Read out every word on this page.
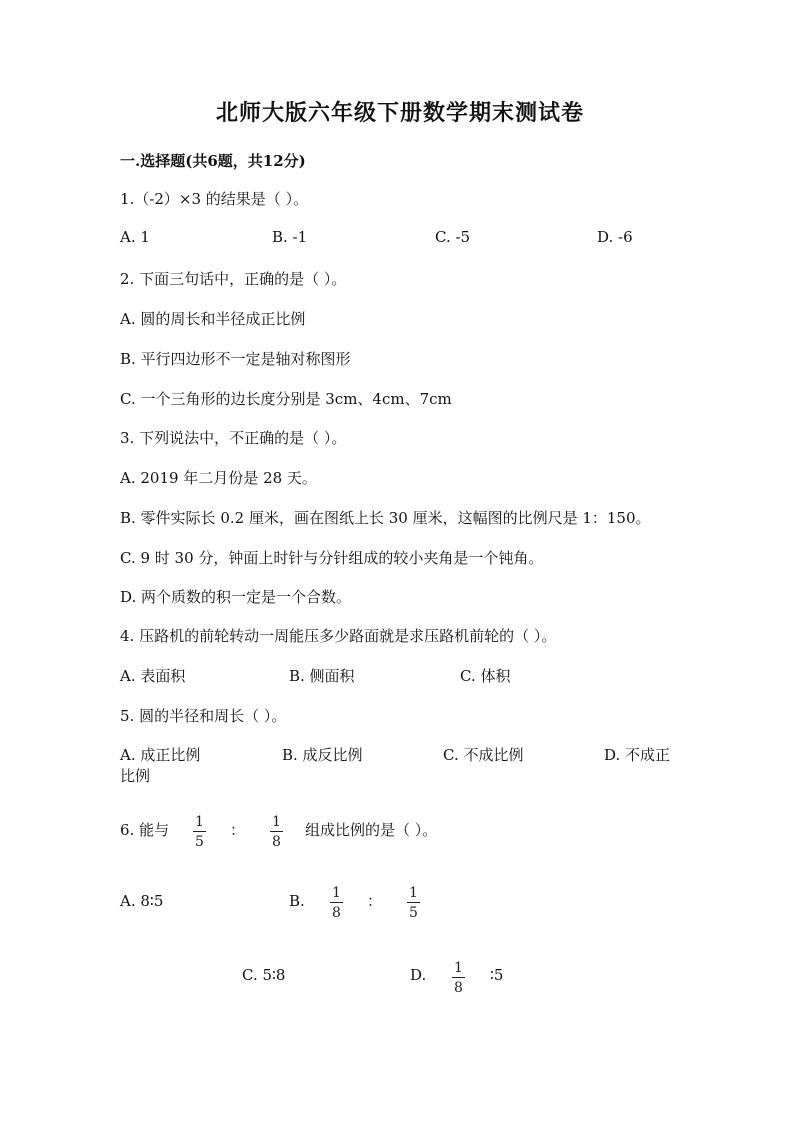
北师大版六年级下册数学期末测试卷
一.选择题(共6题，共12分)
1.（-2）×3 的结果是（ ）。
A. 1	B. -1	C. -5	D. -6
2. 下面三句话中，正确的是（ ）。
A. 圆的周长和半径成正比例
B. 平行四边形不一定是轴对称图形
C. 一个三角形的边长度分别是 3cm、4cm、7cm
3. 下列说法中，不正确的是（ ）。
A. 2019 年二月份是 28 天。
B. 零件实际长 0.2 厘米，画在图纸上长 30 厘米，这幅图的比例尺是 1：150。
C. 9 时 30 分，钟面上时针与分针组成的较小夹角是一个钝角。
D. 两个质数的积一定是一个合数。
4. 压路机的前轮转动一周能压多少路面就是求压路机前轮的（ ）。
A. 表面积	B. 侧面积	C. 体积
5. 圆的半径和周长（ ）。
A. 成正比例	B. 成反比例	C. 不成比例	D. 不成正
比例
6. 能与 $\frac{1}{5}$ ： $\frac{1}{8}$ 组成比例的是（ ）。
A. 8∶5	B. $\frac{1}{8}$ ： $\frac{1}{5}$
C. 5∶8	D. $\frac{1}{8}$ ∶5
